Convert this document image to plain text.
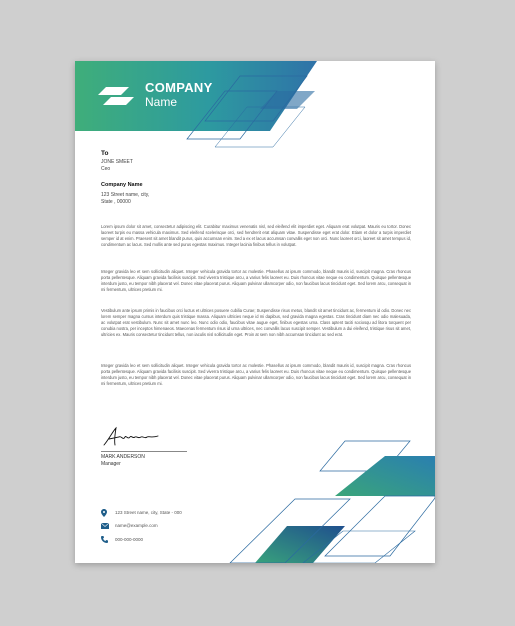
COMPANY
Name
To
JONE SMEET
Ceo
Company Name
123 Street name, city,
State , 00000

Lorem ipsum dolor sit amet, consectetur adipiscing elit. Curabitur maximus venenatis nisl, sed eleifend elit imperdiet eget. Aliquam erat volutpat. Mauris eu tortor. Donec laoreet turpis eu massa vehicula maximus. Sed eleifend scelerisque orci, sed hendrerit erat aliquam vitae. Suspendisse eget erat dolor. Etiam et dolor a turpis imperdiet semper id at enim. Praesent sit amet blandit purus, quis accumsan enim. Sed a ex et lacus accumsan convallis eget non orci. Nunc laoreet orci, laoreet sit amet tempus id, condimentum ac lacus. Sed mollis ante sed purus egestas maximus. Integer lacinia finibus tellus in volutpat.

Integer gravida leo et sem sollicitudin aliquet. Integer vehicula gravida tortor ac molestie. Phasellus at ipsum commodo, blandit mauris id, suscipit magna. Cras rhoncus porta pellentesque. Aliquam gravida facilisis suscipit. Sed viverra tristique arcu, a varius felis laoreet eu. Duis rhoncus vitae neque eu condimentum. Quisque pellentesque interdum justo, eu tempor nibh placerat vel. Donec vitae placerat purus. Aliquam pulvinar ullamcorper odio, non faucibus lacus tincidunt eget. Sed lorem arcu, consequat in mi fermentum, ultrices pretium mi.

Vestibulum ante ipsum primis in faucibus orci luctus et ultrices posuere cubilia Curae; Suspendisse risus metus, blandit sit amet tincidunt ac, fermentum id odio. Donec nec lorem semper magna cursus interdum quis tristique massa. Aliquam ultricies neque id mi dapibus, sed gravida magna egestas. Cras tincidunt diam nec odio malesuada, ac volutpat erat vestibulum. Nunc sit amet nunc leo. Nunc odio odio, faucibus vitae augue eget, finibus egestas urna. Class aptent taciti sociosqu ad litora torquent per conubia nostra, per inceptos himenaeos. Maecenas fermentum risus id urna ultrices, nec convallis lacus suscipit semper. Vestibulum a dui eleifend, tristique risus sit amet, ultricies ex. Mauris consectetur tincidunt tellus, non iaculis nisl sollicitudin eget. Proin at sem non nibh accumsan tincidunt ac sed erat.

Integer gravida leo et sem sollicitudin aliquet. Integer vehicula gravida tortor ac molestie. Phasellus at ipsum commodo, blandit mauris id, suscipit magna. Cras rhoncus porta pellentesque. Aliquam gravida facilisis suscipit. Sed viverra tristique arcu, a varius felis laoreet eu. Duis rhoncus vitae neque eu condimentum. Quisque pellentesque interdum justo, eu tempor nibh placerat vel. Donec vitae placerat purus. Aliquam pulvinar ullamcorper odio, non faucibus lacus tincidunt eget. Sed lorem arcu, consequat in mi fermentum, ultrices pretium mi.

MARK ANDERSON
Manager
123 Street name, city, State - 000
name@example.com
000-000-0000
